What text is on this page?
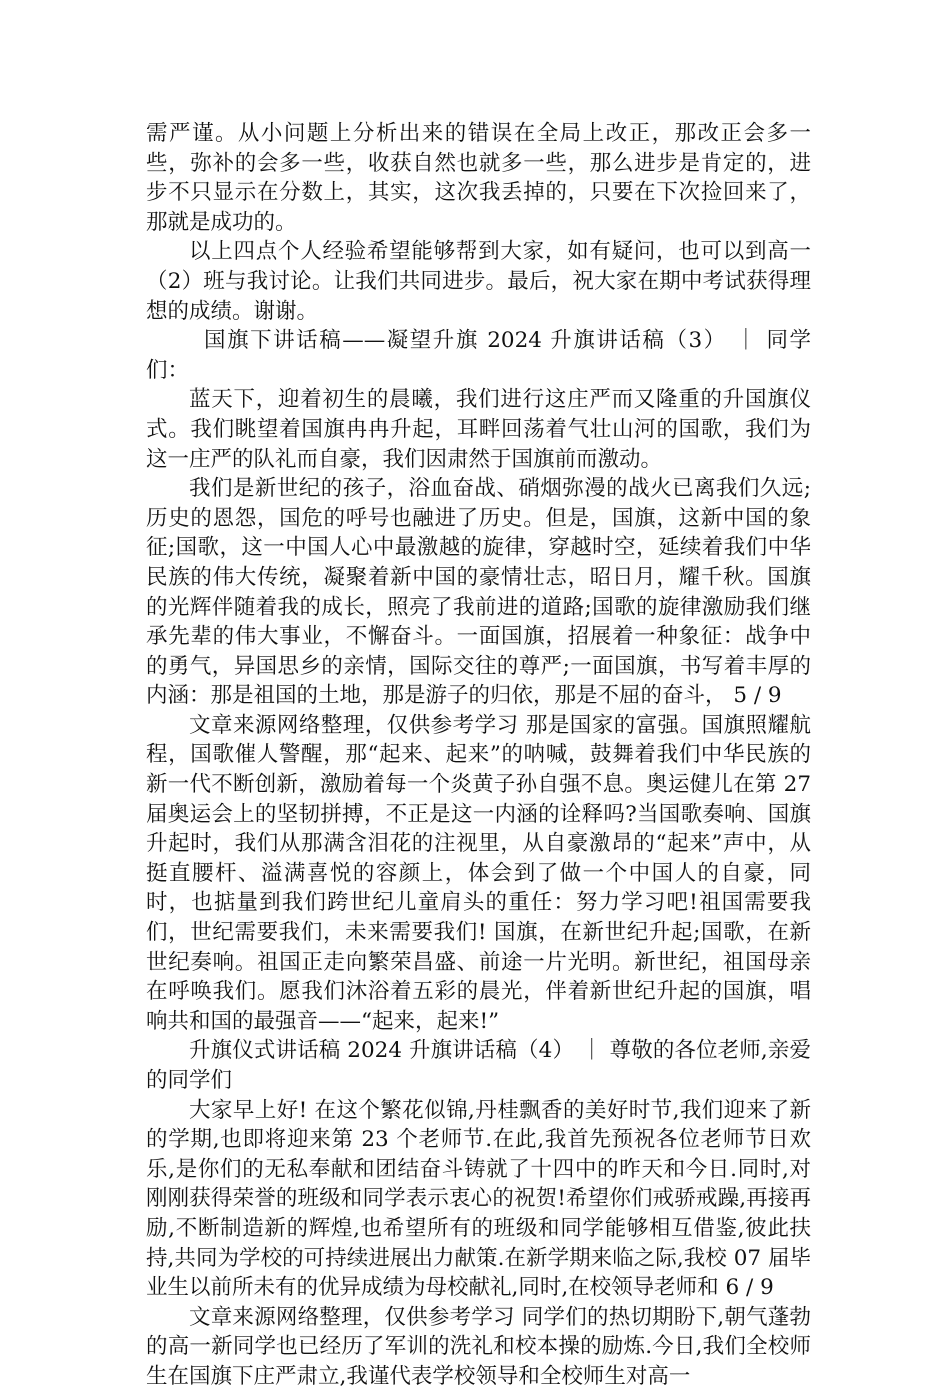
需严谨。从小问题上分析出来的错误在全局上改正，那改正会多一些，弥补的会多一些，收获自然也就多一些，那么进步是肯定的，进步不只显示在分数上，其实，这次我丢掉的，只要在下次捡回来了，那就是成功的。

以上四点个人经验希望能够帮到大家，如有疑问，也可以到高一（2）班与我讨论。让我们共同进步。最后，祝大家在期中考试获得理想的成绩。谢谢。

国旗下讲话稿——凝望升旗 2024 升旗讲话稿（3） ｜ 同学们：

蓝天下，迎着初生的晨曦，我们进行这庄严而又隆重的升国旗仪式。我们眺望着国旗冉冉升起，耳畔回荡着气壮山河的国歌，我们为这一庄严的队礼而自豪，我们因肃然于国旗前而激动。

我们是新世纪的孩子，浴血奋战、硝烟弥漫的战火已离我们久远;历史的恩怨，国危的呼号也融进了历史。但是，国旗，这新中国的象征;国歌，这一中国人心中最激越的旋律，穿越时空，延续着我们中华民族的伟大传统，凝聚着新中国的豪情壮志，昭日月，耀千秋。国旗的光辉伴随着我的成长，照亮了我前进的道路;国歌的旋律激励我们继承先辈的伟大事业，不懈奋斗。一面国旗，招展着一种象征：战争中的勇气，异国思乡的亲情，国际交往的尊严;一面国旗，书写着丰厚的内涵：那是祖国的土地，那是游子的归依，那是不屈的奋斗， 5 / 9

文章来源网络整理，仅供参考学习 那是国家的富强。国旗照耀航程，国歌催人警醒，那“起来、起来”的呐喊，鼓舞着我们中华民族的新一代不断创新，激励着每一个炎黄子孙自强不息。奥运健儿在第 27 届奥运会上的坚韧拼搏，不正是这一内涵的诠释吗?当国歌奏响、国旗升起时，我们从那满含泪花的注视里，从自豪激昂的“起来”声中，从挺直腰杆、溢满喜悦的容颜上，体会到了做一个中国人的自豪，同时，也掂量到我们跨世纪儿童肩头的重任：努力学习吧!祖国需要我们，世纪需要我们，未来需要我们! 国旗，在新世纪升起;国歌，在新世纪奏响。祖国正走向繁荣昌盛、前途一片光明。新世纪，祖国母亲在呼唤我们。愿我们沐浴着五彩的晨光，伴着新世纪升起的国旗，唱响共和国的最强音——“起来，起来!”

升旗仪式讲话稿 2024 升旗讲话稿（4） ｜ 尊敬的各位老师,亲爱的同学们

大家早上好! 在这个繁花似锦,丹桂飘香的美好时节,我们迎来了新的学期,也即将迎来第 23 个老师节.在此,我首先预祝各位老师节日欢乐,是你们的无私奉献和团结奋斗铸就了十四中的昨天和今日.同时,对刚刚获得荣誉的班级和同学表示衷心的祝贺!希望你们戒骄戒躁,再接再励,不断制造新的辉煌,也希望所有的班级和同学能够相互借鉴,彼此扶持,共同为学校的可持续进展出力献策.在新学期来临之际,我校 07 届毕业生以前所未有的优异成绩为母校献礼,同时,在校领导老师和 6 / 9

文章来源网络整理，仅供参考学习 同学们的热切期盼下,朝气蓬勃的高一新同学也已经历了军训的洗礼和校本操的励炼.今日,我们全校师生在国旗下庄严肃立,我谨代表学校领导和全校师生对高一
